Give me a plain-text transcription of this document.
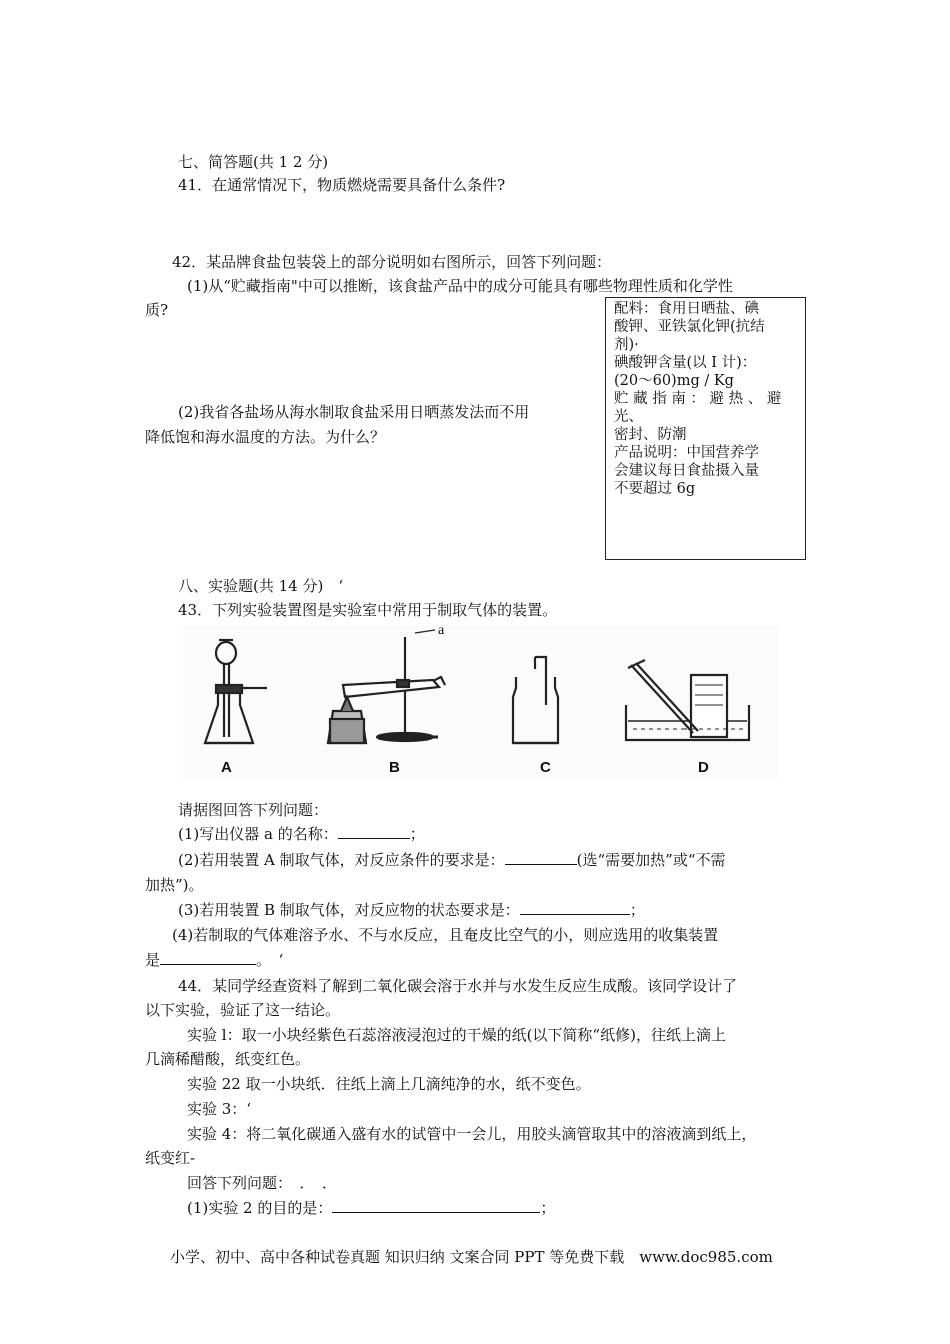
七、简答题(共 1 2 分)
41．在通常情况下，物质燃烧需要具备什么条件?
42．某品牌食盐包装袋上的部分说明如右图所示，回答下列问题：
(1)从“贮藏指南"中可以推断，该食盐产品中的成分可能具有哪些物理性质和化学性
质?
(2)我省各盐场从海水制取食盐采用日晒蒸发法而不用
降低饱和海水温度的方法。为什么？
配料：食用日晒盐、碘
酸钾、亚铁氯化钾(抗结
剂)·
碘酸钾含量(以 I 计)：
(20～60)mg / Kg
贮 藏 指 南 ： 避 热 、 避
光、
密封、防潮
产品说明：中国营养学
会建议每日食盐摄入量
不要超过 6g
八、实验题(共 14 分)　‘
43．下列实验装置图是实验室中常用于制取气体的装置。
a
A	B	C	D
请据图回答下列问题：
(1)写出仪器 a 的名称：	；
(2)若用装置 A 制取气体，对反应条件的要求是：	(选“需要加热”或“不需
加热”)。
(3)若用装置 B 制取气体，对反应物的状态要求是：	；
(4)若制取的气体难溶予水、不与水反应，且奄皮比空气的小，则应选用的收集装置
是	。　‘
44．某同学经查资料了解到二氧化碳会溶于水并与水发生反应生成酸。该同学设计了
以下实验，验证了这一结论。
实验 l：取一小块经紫色石蕊溶液浸泡过的干燥的纸(以下简称“纸修)，往纸上滴上
几滴稀醋酸，纸变红色。
实验 22 取一小块纸．往纸上滴上几滴纯净的水，纸不变色。
实验 3：‘
实验 4：将二氧化碳通入盛有水的试管中一会儿，用胶头滴管取其中的溶液滴到纸上，
纸变红-
回答下列问题：　．　．
(1)实验 2 的目的是：	；
小学、初中、高中各种试卷真题 知识归纳 文案合同 PPT 等免费下载　www.doc985.com
